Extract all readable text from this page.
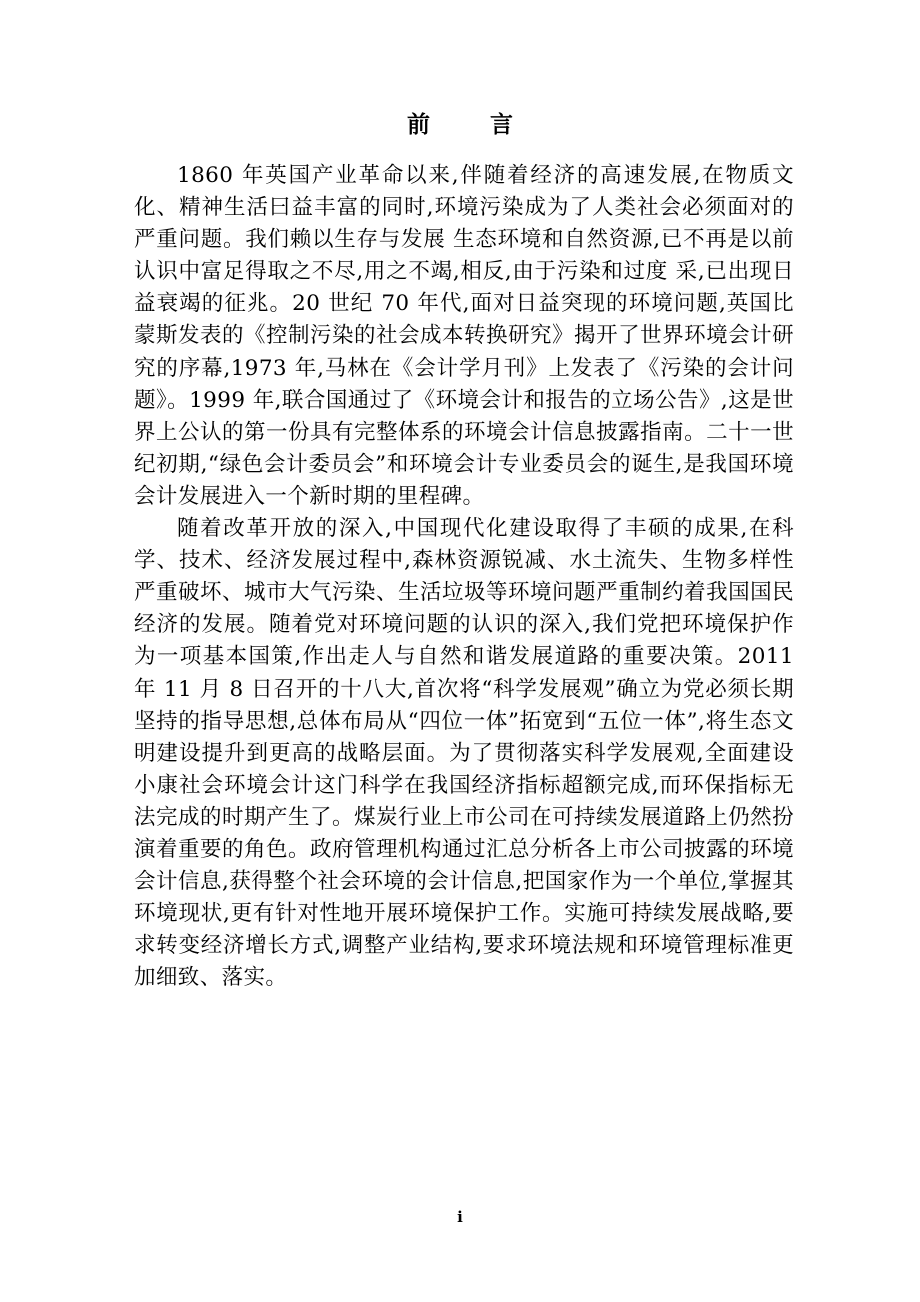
前 言

1860 年英国产业革命以来,伴随着经济的高速发展,在物质文化、精神生活曰益丰富的同时,环境污染成为了人类社会必须面对的严重问题。我们赖以生存与发展 生态环境和自然资源,已不再是以前认识中富足得取之不尽,用之不竭,相反,由于污染和过度 采,已出现日益衰竭的征兆。20 世纪 70 年代,面对日益突现的环境问题,英国比蒙斯发表的《控制污染的社会成本转换研究》揭开了世界环境会计研究的序幕,1973 年,马林在《会计学月刊》上发表了《污染的会计问题》。1999 年,联合国通过了《环境会计和报告的立场公告》,这是世界上公认的第一份具有完整体系的环境会计信息披露指南。二十一世纪初期,“绿色会计委员会”和环境会计专业委员会的诞生,是我国环境会计发展进入一个新时期的里程碑。

随着改革开放的深入,中国现代化建设取得了丰硕的成果,在科学、技术、经济发展过程中,森林资源锐减、水土流失、生物多样性严重破坏、城市大气污染、生活垃圾等环境问题严重制约着我国国民经济的发展。随着党对环境问题的认识的深入,我们党把环境保护作为一项基本国策,作出走人与自然和谐发展道路的重要决策。2011 年 11 月 8 日召开的十八大,首次将“科学发展观”确立为党必须长期坚持的指导思想,总体布局从“四位一体”拓宽到“五位一体”,将生态文明建设提升到更高的战略层面。为了贯彻落实科学发展观,全面建设小康社会环境会计这门科学在我国经济指标超额完成,而环保指标无法完成的时期产生了。煤炭行业上市公司在可持续发展道路上仍然扮演着重要的角色。政府管理机构通过汇总分析各上市公司披露的环境会计信息,获得整个社会环境的会计信息,把国家作为一个单位,掌握其环境现状,更有针对性地开展环境保护工作。实施可持续发展战略,要求转变经济增长方式,调整产业结构,要求环境法规和环境管理标准更加细致、落实。

i
